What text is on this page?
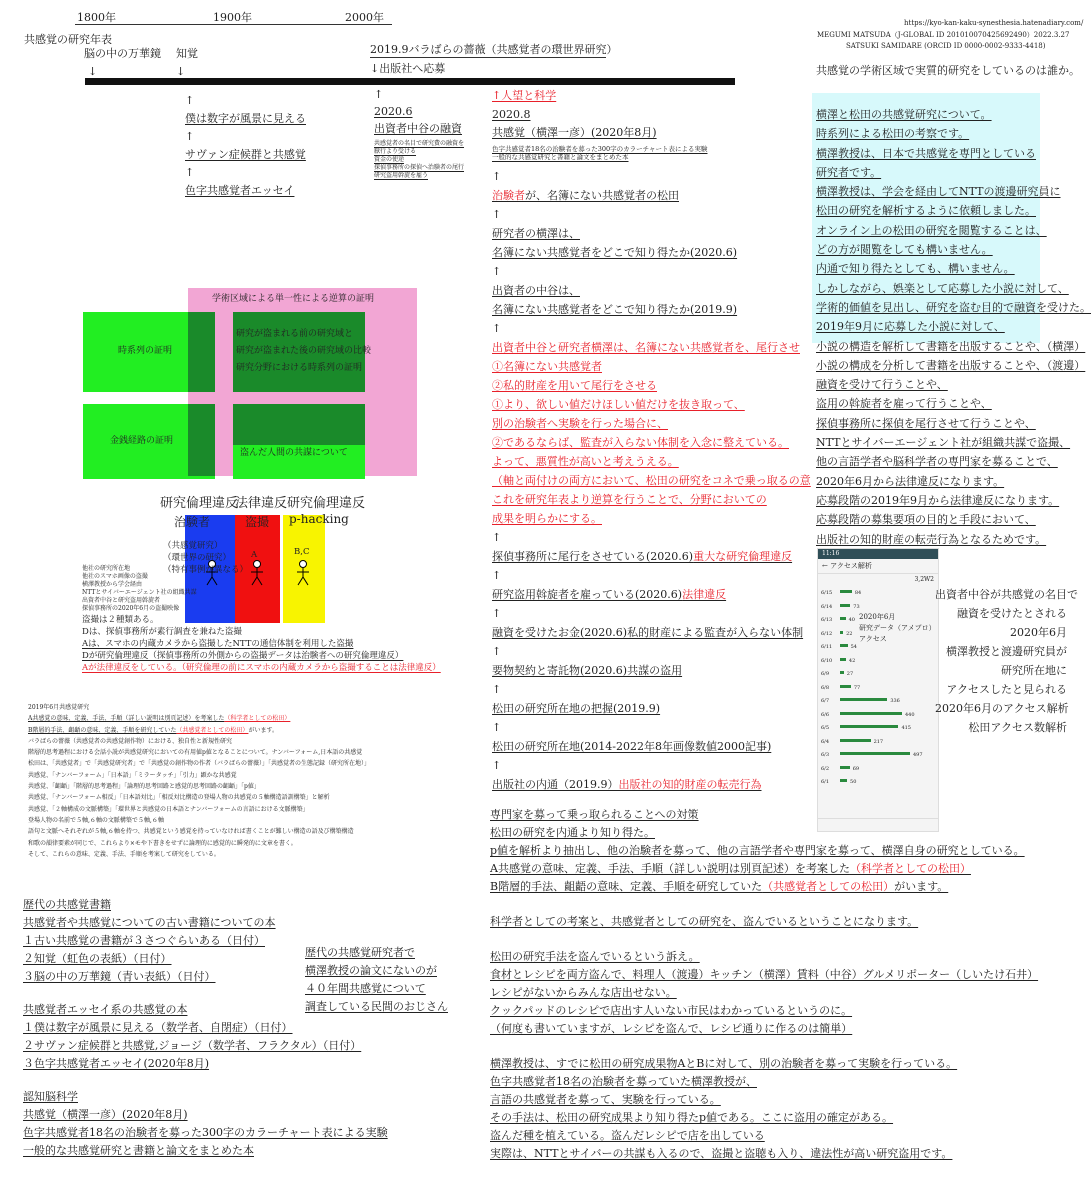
1800年	1900年	2000年	https://kyo-kan-kaku-synesthesia.hatenadiary.com/
MEGUMI MATSUDA（J-GLOBAL ID 201010070425692490）2022.3.27
SATSUKI SAMIDARE (ORCID ID 0000-0002-9333-4418)
共感覚の学術区域で実質的研究をしているのは誰か。
共感覚の研究年表
脳の中の万華鏡 知覚
↓	↓
2019.9バラばらの薔薇（共感覚者の環世界研究）
↓出版社へ応募
↑
僕は数字が風景に見える
↑
サヴァン症候群と共感覚
↑
色字共感覚者エッセイ
↑
2020.6
出資者中谷の融資
共感覚者の名目で研究費の融資を
厭行より受ける
資金の使途
探偵事務所の探偵へ治験者の尾行
研究盗用幹旋を雇う
↑人望と科学
2020.8
共感覚（横澤一彦）(2020年8月)
色字共感覚者18名の治験者を募った300字のカラーチャート表による実験
一般的な共感覚研究と書籍と論文をまとめた本
↑
治験者が、名簿にない共感覚者の松田
↑
研究者の横澤は、
名簿にない共感覚者をどこで知り得たか(2020.6)
↑
出資者の中谷は、
名簿にない共感覚者をどこで知り得たか(2019.9)
↑
出資者中谷と研究者横澤は、名簿にない共感覚者を、尾行させ
①名簿にない共感覚者
②私的財産を用いて尾行をさせる
①より、欲しい値だけほしい値だけを抜き取って、
別の治験者へ実験を行った場合に、
②であるならば、監査が入らない体制を入念に整えている。
よって、悪質性が高いと考えうえる。
（軸と両付けの両方において、松田の研究をコネで乗っ取るの意
これを研究年表より逆算を行うことで、分野においての
成果を明らかにする。
↑
探偵事務所に尾行をさせている(2020.6)重大な研究倫理違反
↑
研究盗用斡旋者を雇っている(2020.6)法律違反
↑
融資を受けたお金(2020.6)私的財産による監査が入らない体制
↑
要物契約と寄託物(2020.6)共謀の盗用
↑
松田の研究所在地の把握(2019.9)
↑
松田の研究所在地(2014-2022年8年画像数値2000記事)
↑
出版社の内通（2019.9）出版社の知的財産の転売行為
学術区域による単一性による逆算の証明
時系列の証明
研究が盗まれる前の研究域と
研究が盗まれた後の研究域の比較
研究分野における時系列の証明
金銭経路の証明
盗んだ人間の共謀について
研究倫理違反
法律違反 研究倫理違反
治験者	盗撮 p-hacking
A	B,C
（共感覚研究）
（環世界の研究）
（特有事例が異なる）
他社の研究所在地
他社のスマホ画像の盗撮
横澤教授から学会経由
NTTとサイバーエージェント社の組織共謀
出資者中谷と研究盗用斡旋者
探偵事務所の2020年6月の盗撮映像
盗撮は２種類ある。
Dは、探偵事務所が素行調査を兼ねた盗撮
Aは、スマホの内蔵カメラから盗撮したNTTの通信体制を利用した盗撮
Dが研究倫理違反（探偵事務所の外側からの盗撮データは治験者への研究倫理違反）
Aが法律違反をしている。（研究倫理の前にスマホの内蔵カメラから盗撮することは法律違反）
2019年6月共感覚研究
A共感覚の意味、定義、手法、手順（詳しい説明は別頁記述）を考案した（科学者としての松田）
B階層的手法、齟齬の意味、定義、手順を研究していた（共感覚者としての松田）がいます。
バラばらの薔薇（共感覚者の共感覚創作物）における、独自性と新規性研究
階層的思考過程における会話小説が共感覚研究においての有用値p値となることについて。ナンバーフォーム,日本語の共感覚
松田は、「共感覚者」で「共感覚研究者」で「共感覚の創作物の作者（バラばらの薔薇）」「共感覚者の生態記録（研究所在地）」
共感覚、「ナンバーフォーム」「日本語」「ミラータッチ」「引力」顕かな共感覚
共感覚、「齟齬」「階層的思考過程」「論理的思考回路と感覚的思考回路の齟齬」「p値」
共感覚、「ナンバーフォーム相反」「日本語対比」「相反対比構造の登場人物の共感覚の５軸構造語訓構築」と解析
共感覚、「２軸構成の文脈構築」「環世界と共感覚の日本語とナンバーフォームの言語における文脈構築」
登場人物の名前で５軸,６軸の文脈構築で５軸,６軸
語句と文脈へそれぞれが５軸,６軸を持つ、共感覚という感覚を持っていなければ書くことが難しい構造の語及び構築構造
和歌の韻律要素が同じで、これらより×モや下書きをせずに論理的に感覚的に瞬発的に文章を書く。
そして、これらの意味、定義、手法、手順を考案して研究をしている。
歴代の共感覚書籍
共感覚者や共感覚についての古い書籍についての本
１古い共感覚の書籍が３さつぐらいある（日付）
２知覚（虹色の表紙）（日付）
３脳の中の万華鏡（青い表紙）（日付）
共感覚者エッセイ系の共感覚の本
１僕は数字が風景に見える（数学者、自閉症）（日付）
２サヴァン症候群と共感覚,ジョージ（数学者、フラクタル）（日付）
３色字共感覚者エッセイ(2020年8月)
認知脳科学
共感覚（横澤一彦）(2020年8月)
色字共感覚者18名の治験者を募った300字のカラーチャート表による実験
一般的な共感覚研究と書籍と論文をまとめた本
歴代の共感覚研究者で
横澤教授の論文にないのが
４０年間共感覚について
調査している民間のおじさん
専門家を募って乗っ取られることへの対策
松田の研究を内通より知り得た。
p値を解析より抽出し、他の治験者を募って、他の言語学者や専門家を募って、横澤自身の研究としている。
A共感覚の意味、定義、手法、手順（詳しい説明は別頁記述）を考案した（科学者としての松田）
B階層的手法、齟齬の意味、定義、手順を研究していた（共感覚者としての松田）がいます。
科学者としての考案と、共感覚者としての研究を、盗んでいるということになります。
松田の研究手法を盗んでいるという訴え。
食材とレシピを両方盗んで、料理人（渡邊）キッチン（横澤）賃料（中谷）グルメリポーター（しいたけ石井）
レシピがないからみんな店出せない。
クックパッドのレシピで店出す人いない市民はわかっているというのに。
（何度も書いていますが、レシピを盗んで、レシピ通りに作るのは簡単）
横澤教授は、すでに松田の研究成果物AとBに対して、別の治験者を募って実験を行っている。
色字共感覚者18名の治験者を募っていた横澤教授が、
言語の共感覚者を募って、実験を行っている。
その手法は、松田の研究成果より知り得たp値である。ここに盗用の確定がある。
盗んだ種を植えている。盗んだレシピで店を出している
実際は、NTTとサイバーの共謀も入るので、盗撮と盗聴も入り、違法性が高い研究盗用です。
横澤と松田の共感覚研究について。
時系列による松田の考察です。
横澤教授は、日本で共感覚を専門としている
研究者です。
横澤教授は、学会を経由してNTTの渡邊研究員に
松田の研究を解析するように依頼しました。
オンライン上の松田の研究を閲覧することは、
どの方が閲覧をしても構いません。
内通で知り得たとしても、構いません。
しかしながら、娯楽として応募した小説に対して、
学術的価値を見出し、研究を盗む目的で融資を受けた。
2019年9月に応募した小説に対して、
小説の構造を解析して書籍を出版することや、（横澤）
小説の構成を分析して書籍を出版することや、（渡邊）
融資を受けて行うことや、
盗用の斡旋者を雇って行うことや、
探偵事務所に探偵を尾行させて行うことや、
NTTとサイバーエージェント社が組織共謀で盗撮、
他の言語学者や脳科学者の専門家を募ることで、
2020年6月から法律違反になります。
応募段階の2019年9月から法律違反になります。
応募段階の募集要項の目的と手段において、
出版社の知的財産の転売行為となるためです。
11:16
← アクセス解析
3,2W2
6/15	84
6/14	73
6/13	40
6/12	22
6/11	54
6/10	42
6/9	27
6/8	77
6/7	336
6/6	440
6/5	415
6/4	217
6/3	497
6/2	69
6/1	50
2020年6月
研究データ（アメブロ）
アクセス
出資者中谷が共感覚の名目で
融資を受けたとされる
2020年6月
横澤教授と渡邊研究員が
研究所在地に
アクセスしたと見られる
2020年6月のアクセス解析
松田アクセス数解析
